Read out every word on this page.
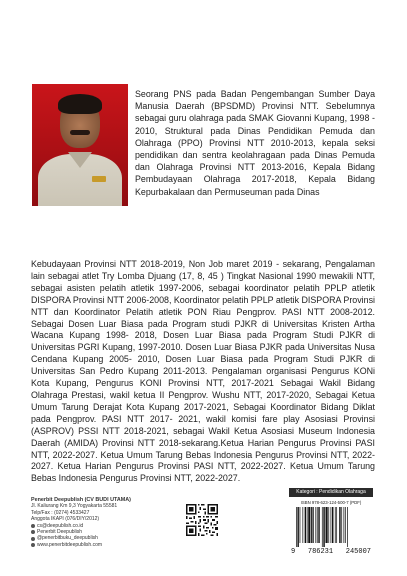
Seorang PNS pada Badan Pengembangan Sumber Daya Manusia Daerah (BPSDMD) Provinsi NTT. Sebelumnya sebagai guru olahraga pada SMAK Giovanni Kupang, 1998 - 2010, Struktural pada Dinas Pendidikan Pemuda dan Olahraga (PPO) Provinsi NTT 2010-2013, kepala seksi pendidikan dan sentra keolahragaan pada Dinas Pemuda dan Olahraga Provinsi NTT 2013-2016, Kepala Bidang Pembudayaan Olahraga 2017-2018, Kepala Bidang Kepurbakalaan dan Permuseuman pada Dinas

Kebudayaan Provinsi NTT 2018-2019, Non Job maret 2019 - sekarang, Pengalaman lain sebagai atlet Try Lomba Djuang (17, 8, 45 ) Tingkat Nasional 1990 mewakili NTT, sebagai asisten pelatih atletik 1997-2006, sebagai koordinator pelatih PPLP atletik DISPORA Provinsi NTT 2006-2008, Koordinator pelatih PPLP atletik DISPORA Provinsi NTT dan Koordinator Pelatih atletik PON Riau Pengprov. PASI NTT 2008-2012. Sebagai Dosen Luar Biasa pada Program studi PJKR di Universitas Kristen Artha Wacana Kupang 1998- 2018, Dosen Luar Biasa pada Program Studi PJKR di Universitas PGRI Kupang, 1997-2010. Dosen Luar Biasa PJKR pada Universitas Nusa Cendana Kupang 2005- 2010, Dosen Luar Biasa pada Program Studi PJKR di Universitas San Pedro Kupang 2011-2013. Pengalaman organisasi Pengurus KONi Kota Kupang, Pengurus KONI Provinsi NTT, 2017-2021 Sebagai Wakil Bidang Olahraga Prestasi, wakil ketua II Pengprov. Wushu NTT, 2017-2020, Sebagai Ketua Umum Tarung Derajat Kota Kupang 2017-2021, Sebagai Koordinator Bidang Diklat pada Pengprov. PASI NTT 2017- 2021, wakil komisi fare play Asosiasi Provinsi (ASPROV) PSSI NTT 2018-2021, sebagai Wakil Ketua Asosiasi Museum Indonesia Daerah (AMIDA) Provinsi NTT 2018-sekarang.Ketua Harian Pengurus Provinsi PASI NTT, 2022-2027. Ketua Umum Tarung Bebas Indonesia Pengurus Provinsi NTT, 2022-2027. Ketua Harian Pengurus Provinsi PASI NTT, 2022-2027. Ketua Umum Tarung Bebas Indonesia Pengurus Provinsi NTT, 2022-2027.

Penerbit Deepublish (CV BUDI UTAMA)
Jl. Kaliurang Km 9,3 Yogyakarta 55581
Telp/Fax : (0274) 4533427
Anggota IKAPI (076/DIY/2012)
cs@deepublish.co.id
Penerbit Deepublish
@penerbitbuku_deepublish
www.penerbitdeepublish.com
Kategori : Pendidikan Olahraga
ISBN 978-623-124-500-7 (PDF)
9 786231 245007
